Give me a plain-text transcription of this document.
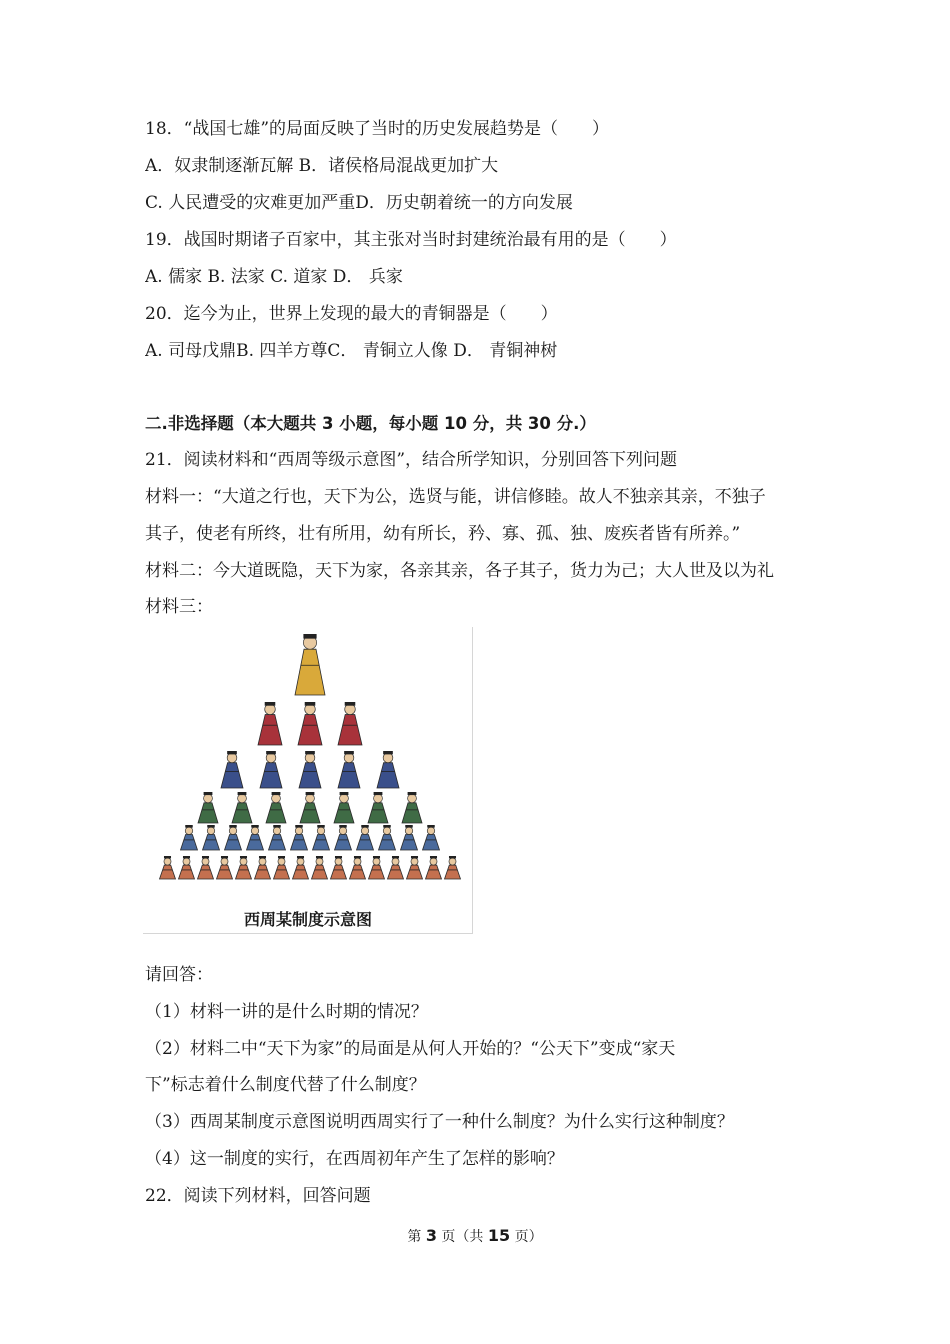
18．“战国七雄”的局面反映了当时的历史发展趋势是（　　）
A．奴隶制逐渐瓦解 B．诸侯格局混战更加扩大
C. 人民遭受的灾难更加严重D．历史朝着统一的方向发展
19．战国时期诸子百家中，其主张对当时封建统治最有用的是（　　）
A. 儒家 B. 法家 C. 道家 D． 兵家
20．迄今为止，世界上发现的最大的青铜器是（　　）
A. 司母戊鼎B. 四羊方尊C． 青铜立人像 D． 青铜神树
二.非选择题（本大题共 3 小题，每小题 10 分，共 30 分.）
21．阅读材料和“西周等级示意图”，结合所学知识，分别回答下列问题
材料一：“大道之行也，天下为公，选贤与能，讲信修睦。故人不独亲其亲，不独子
其子，使老有所终，壮有所用，幼有所长，矜、寡、孤、独、废疾者皆有所养。”
材料二：今大道既隐，天下为家，各亲其亲，各子其子，货力为己；大人世及以为礼
材料三：
西周某制度示意图
请回答：
（1）材料一讲的是什么时期的情况？
（2）材料二中“天下为家”的局面是从何人开始的？“公天下”变成“家天
下”标志着什么制度代替了什么制度？
（3）西周某制度示意图说明西周实行了一种什么制度？为什么实行这种制度？
（4）这一制度的实行，在西周初年产生了怎样的影响？
22．阅读下列材料，回答问题
第 3 页（共 15 页）
